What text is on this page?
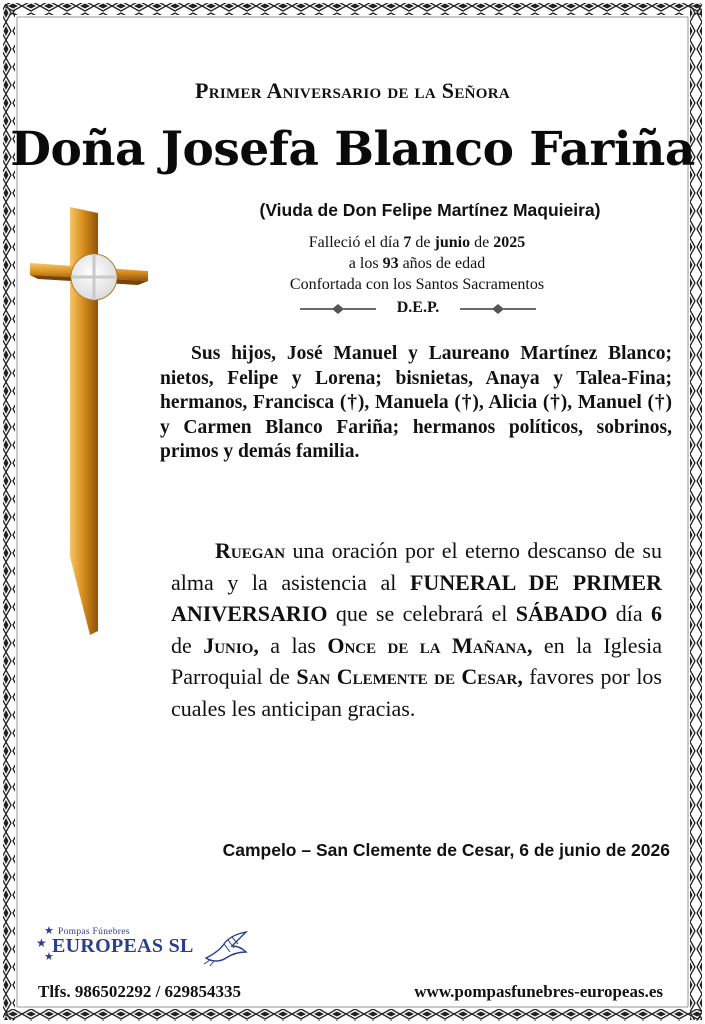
Primer Aniversario de la Señora
Doña Josefa Blanco Fariña
(Viuda de Don Felipe Martínez Maquieira)
Falleció el día 7 de junio de 2025
a los 93 años de edad
Confortada con los Santos Sacramentos
D.E.P.
Sus hijos, José Manuel y Laureano Martínez Blanco; nietos, Felipe y Lorena; bisnietas, Anaya y Talea-Fina; hermanos, Francisca (†), Manuela (†), Alicia (†), Manuel (†) y Carmen Blanco Fariña; hermanos políticos, sobrinos, primos y demás familia.
Ruegan una oración por el eterno descanso de su alma y la asistencia al FUNERAL DE PRIMER ANIVERSARIO que se celebrará el SÁBADO día 6 de Junio, a las Once de la Mañana, en la Iglesia Parroquial de San Clemente de Cesar, favores por los cuales les anticipan gracias.
Campelo – San Clemente de Cesar, 6 de junio de 2026
★
★
★
Pompas Fúnebres
EUROPEAS SL
Tlfs. 986502292 / 629854335	www.pompasfunebres-europeas.es
